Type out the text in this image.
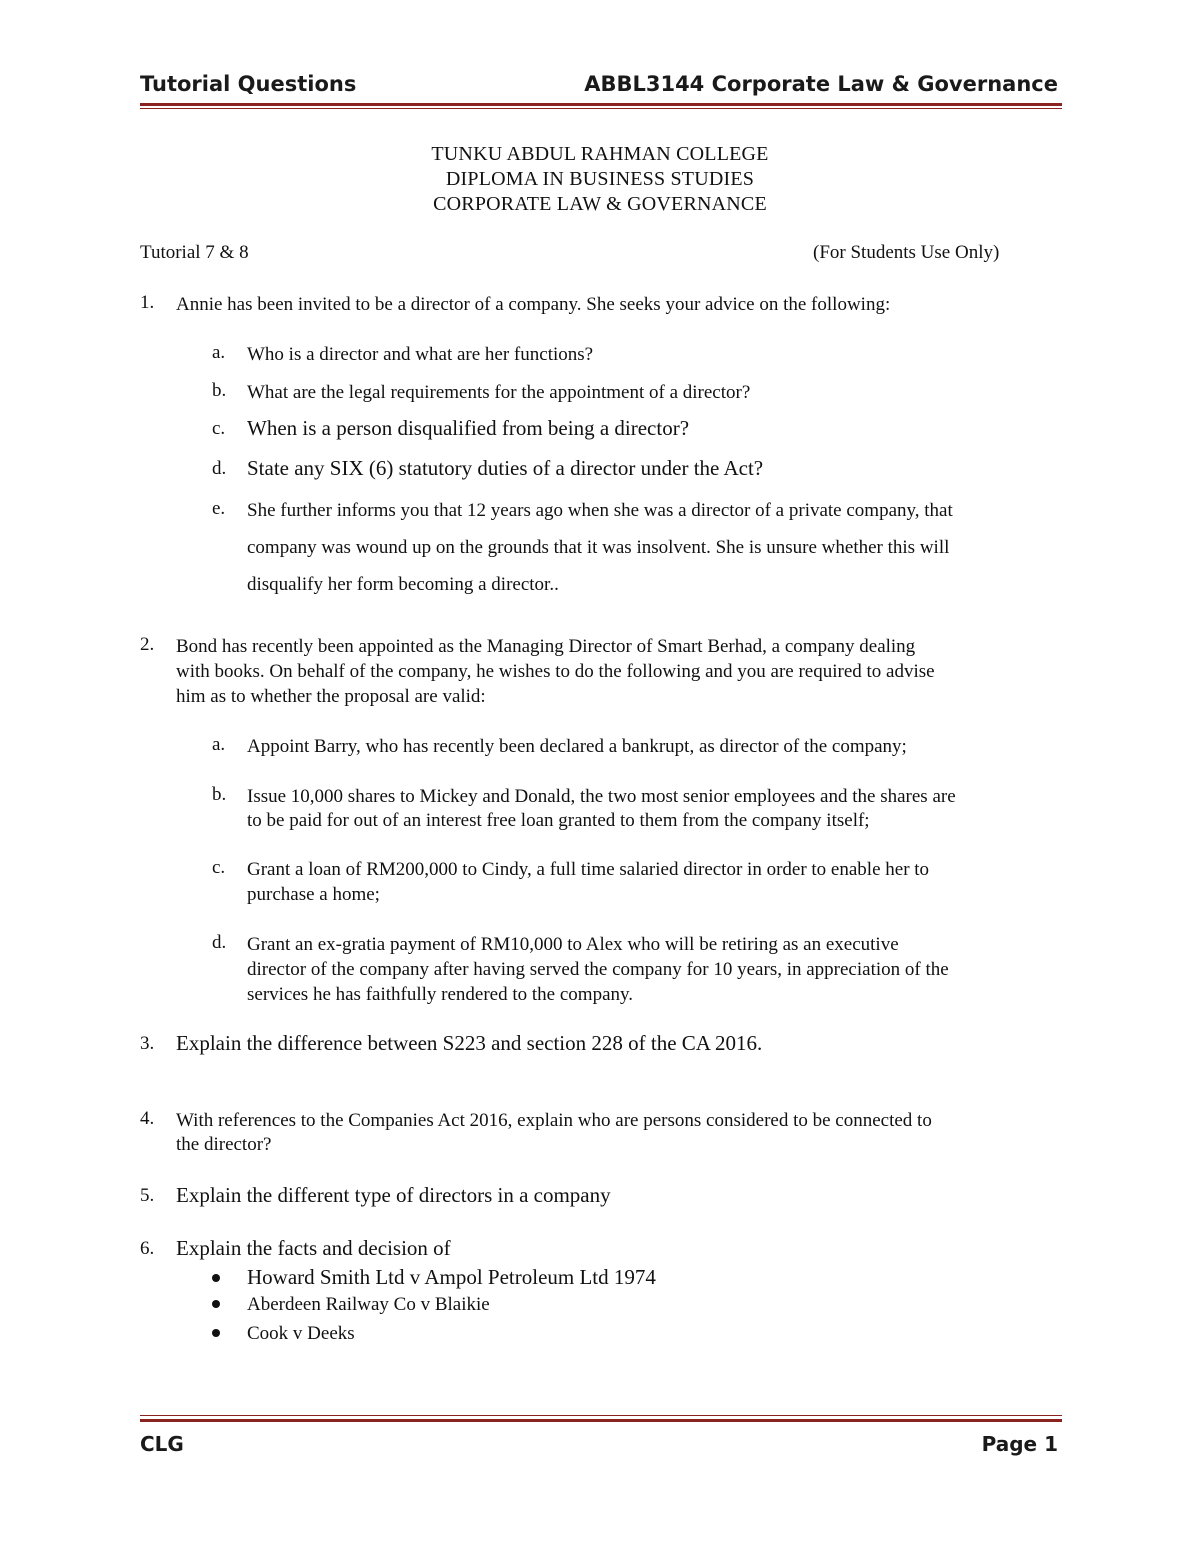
Tutorial Questions	ABBL3144 Corporate Law & Governance
TUNKU ABDUL RAHMAN COLLEGE
DIPLOMA IN BUSINESS STUDIES
CORPORATE LAW & GOVERNANCE
Tutorial 7 & 8	(For Students Use Only)
1. Annie has been invited to be a director of a company. She seeks your advice on the following:
a. Who is a director and what are her functions?
b. What are the legal requirements for the appointment of a director?
c. When is a person disqualified from being a director?
d. State any SIX (6) statutory duties of a director under the Act?
e. She further informs you that 12 years ago when she was a director of a private company, that
company was wound up on the grounds that it was insolvent. She is unsure whether this will
disqualify her form becoming a director..
2. Bond has recently been appointed as the Managing Director of Smart Berhad, a company dealing
with books. On behalf of the company, he wishes to do the following and you are required to advise
him as to whether the proposal are valid:
a. Appoint Barry, who has recently been declared a bankrupt, as director of the company;
b. Issue 10,000 shares to Mickey and Donald, the two most senior employees and the shares are
to be paid for out of an interest free loan granted to them from the company itself;
c. Grant a loan of RM200,000 to Cindy, a full time salaried director in order to enable her to
purchase a home;
d. Grant an ex-gratia payment of RM10,000 to Alex who will be retiring as an executive
director of the company after having served the company for 10 years, in appreciation of the
services he has faithfully rendered to the company.
3. Explain the difference between S223 and section 228 of the CA 2016.
4. With references to the Companies Act 2016, explain who are persons considered to be connected to
the director?
5. Explain the different type of directors in a company
6. Explain the facts and decision of
Howard Smith Ltd v Ampol Petroleum Ltd 1974
Aberdeen Railway Co v Blaikie
Cook v Deeks
CLG	Page 1
